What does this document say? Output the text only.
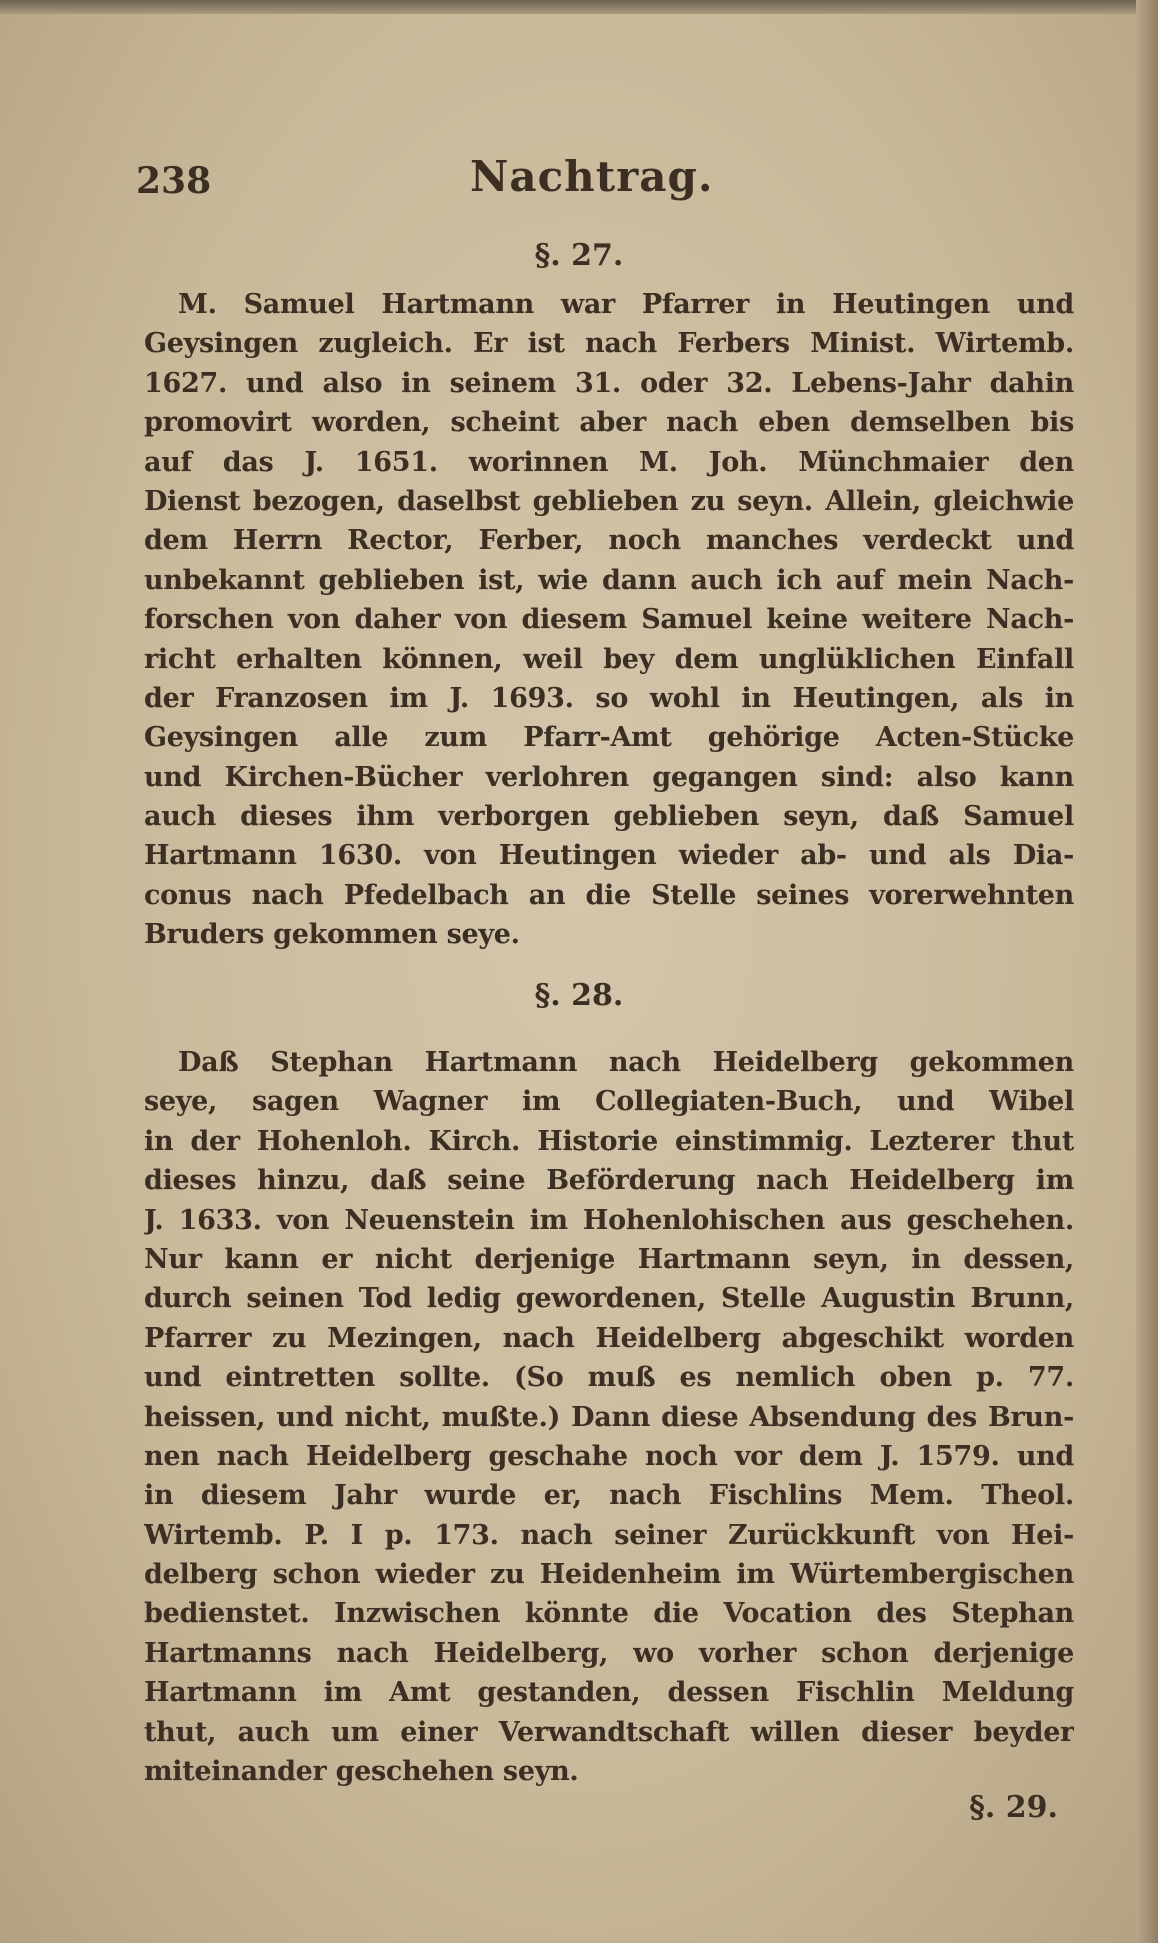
238	Nachtrag.
§. 27.
M. Samuel Hartmann war Pfarrer in Heutingen und
Geysingen zugleich. Er ist nach Ferbers Minist. Wirtemb.
1627. und also in seinem 31. oder 32. Lebens-Jahr dahin
promovirt worden, scheint aber nach eben demselben bis
auf das J. 1651. worinnen M. Joh. Münchmaier den
Dienst bezogen, daselbst geblieben zu seyn. Allein, gleichwie
dem Herrn Rector, Ferber, noch manches verdeckt und
unbekannt geblieben ist, wie dann auch ich auf mein Nach-
forschen von daher von diesem Samuel keine weitere Nach-
richt erhalten können, weil bey dem unglüklichen Einfall
der Franzosen im J. 1693. so wohl in Heutingen, als in
Geysingen alle zum Pfarr-Amt gehörige Acten-Stücke
und Kirchen-Bücher verlohren gegangen sind: also kann
auch dieses ihm verborgen geblieben seyn, daß Samuel
Hartmann 1630. von Heutingen wieder ab- und als Dia-
conus nach Pfedelbach an die Stelle seines vorerwehnten
Bruders gekommen seye.
§. 28.
Daß Stephan Hartmann nach Heidelberg gekommen
seye, sagen Wagner im Collegiaten-Buch, und Wibel
in der Hohenloh. Kirch. Historie einstimmig. Lezterer thut
dieses hinzu, daß seine Beförderung nach Heidelberg im
J. 1633. von Neuenstein im Hohenlohischen aus geschehen.
Nur kann er nicht derjenige Hartmann seyn, in dessen,
durch seinen Tod ledig gewordenen, Stelle Augustin Brunn,
Pfarrer zu Mezingen, nach Heidelberg abgeschikt worden
und eintretten sollte. (So muß es nemlich oben p. 77.
heissen, und nicht, mußte.) Dann diese Absendung des Brun-
nen nach Heidelberg geschahe noch vor dem J. 1579. und
in diesem Jahr wurde er, nach Fischlins Mem. Theol.
Wirtemb. P. I p. 173. nach seiner Zurückkunft von Hei-
delberg schon wieder zu Heidenheim im Würtembergischen
bedienstet. Inzwischen könnte die Vocation des Stephan
Hartmanns nach Heidelberg, wo vorher schon derjenige
Hartmann im Amt gestanden, dessen Fischlin Meldung
thut, auch um einer Verwandtschaft willen dieser beyder
miteinander geschehen seyn.
§. 29.
